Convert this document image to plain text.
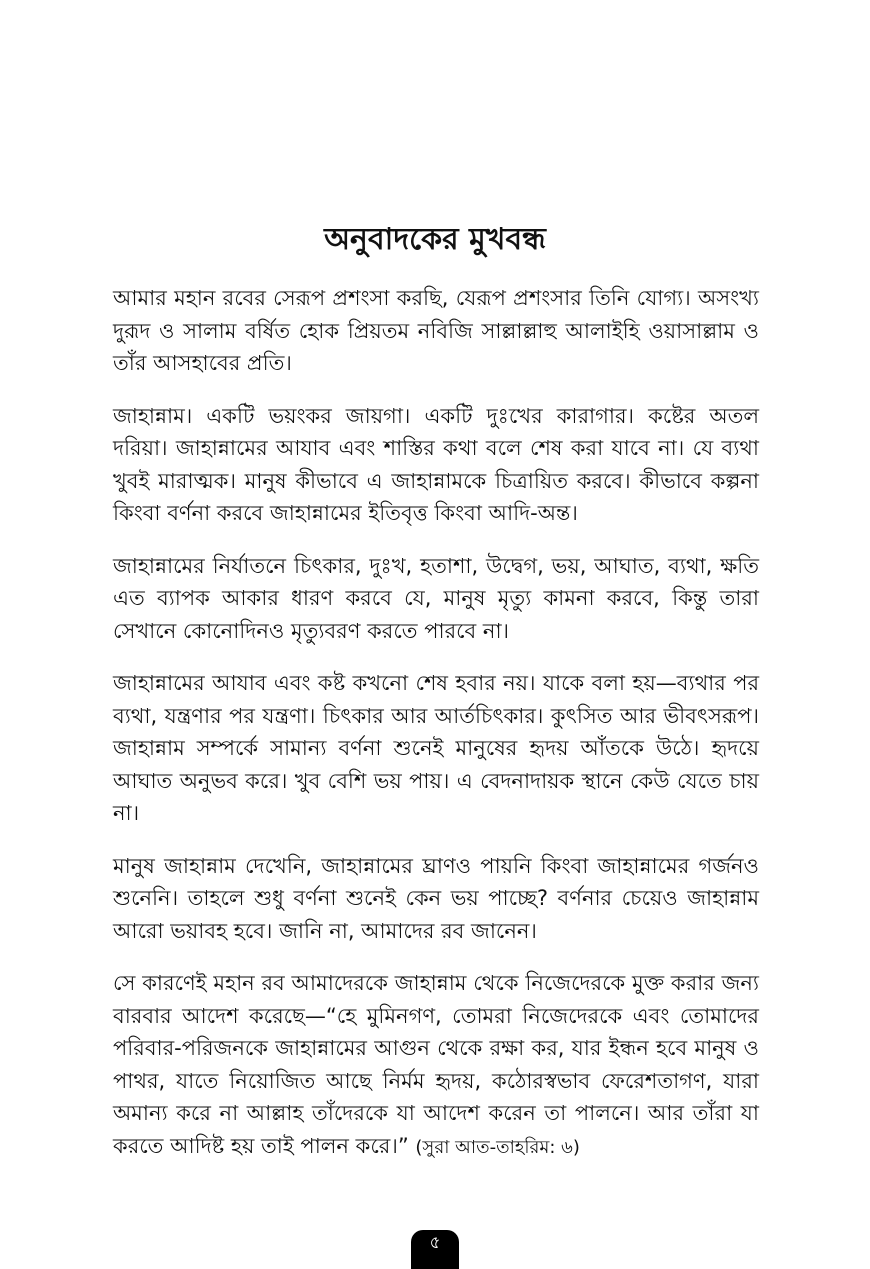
অনুবাদকের মুখবন্ধ

আমার মহান রবের সেরূপ প্রশংসা করছি, যেরূপ প্রশংসার তিনি যোগ্য। অসংখ্য দুরূদ ও সালাম বর্ষিত হোক প্রিয়তম নবিজি সাল্লাল্লাহু আলাইহি ওয়াসাল্লাম ও তাঁর আসহাবের প্রতি।

জাহান্নাম। একটি ভয়ংকর জায়গা। একটি দুঃখের কারাগার। কষ্টের অতল দরিয়া। জাহান্নামের আযাব এবং শাস্তির কথা বলে শেষ করা যাবে না। যে ব্যথা খুবই মারাত্মক। মানুষ কীভাবে এ জাহান্নামকে চিত্রায়িত করবে। কীভাবে কল্পনা কিংবা বর্ণনা করবে জাহান্নামের ইতিবৃত্ত কিংবা আদি-অন্ত।

জাহান্নামের নির্যাতনে চিৎকার, দুঃখ, হতাশা, উদ্বেগ, ভয়, আঘাত, ব্যথা, ক্ষতি এত ব্যাপক আকার ধারণ করবে যে, মানুষ মৃত্যু কামনা করবে, কিন্তু তারা সেখানে কোনোদিনও মৃত্যুবরণ করতে পারবে না।

জাহান্নামের আযাব এবং কষ্ট কখনো শেষ হবার নয়। যাকে বলা হয়—ব্যথার পর ব্যথা, যন্ত্রণার পর যন্ত্রণা। চিৎকার আর আর্তচিৎকার। কুৎসিত আর ভীবৎসরূপ। জাহান্নাম সম্পর্কে সামান্য বর্ণনা শুনেই মানুষের হৃদয় আঁতকে উঠে। হৃদয়ে আঘাত অনুভব করে। খুব বেশি ভয় পায়। এ বেদনাদায়ক স্থানে কেউ যেতে চায় না।

মানুষ জাহান্নাম দেখেনি, জাহান্নামের ঘ্রাণও পায়নি কিংবা জাহান্নামের গর্জনও শুনেনি। তাহলে শুধু বর্ণনা শুনেই কেন ভয় পাচ্ছে? বর্ণনার চেয়েও জাহান্নাম আরো ভয়াবহ হবে। জানি না, আমাদের রব জানেন।

সে কারণেই মহান রব আমাদেরকে জাহান্নাম থেকে নিজেদেরকে মুক্ত করার জন্য বারবার আদেশ করেছে—“হে মুমিনগণ, তোমরা নিজেদেরকে এবং তোমাদের পরিবার-পরিজনকে জাহান্নামের আগুন থেকে রক্ষা কর, যার ইন্ধন হবে মানুষ ও পাথর, যাতে নিয়োজিত আছে নির্মম হৃদয়, কঠোরস্বভাব ফেরেশতাগণ, যারা অমান্য করে না আল্লাহ তাঁদেরকে যা আদেশ করেন তা পালনে। আর তাঁরা যা করতে আদিষ্ট হয় তাই পালন করে।” (সুরা আত-তাহরিম: ৬)

৫
